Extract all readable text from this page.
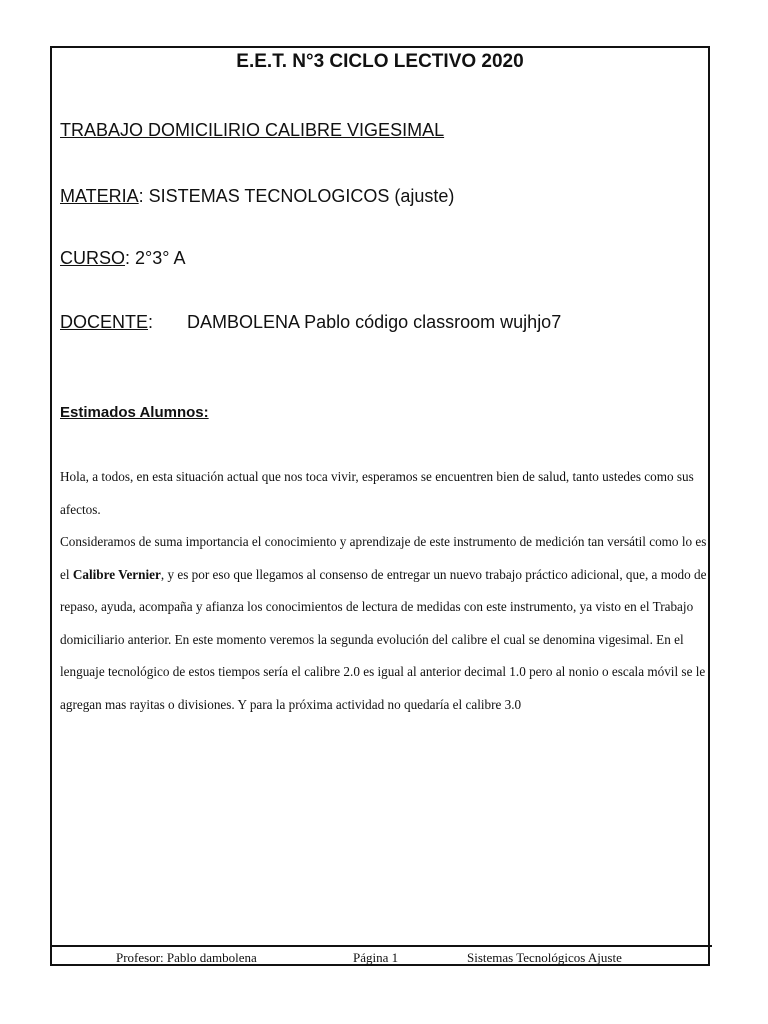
E.E.T. N°3 CICLO LECTIVO 2020
TRABAJO DOMICILIRIO CALIBRE VIGESIMAL
MATERIA: SISTEMAS TECNOLOGICOS (ajuste)
CURSO: 2°3° A
DOCENTE: DAMBOLENA Pablo código classroom wujhjo7
Estimados Alumnos:

Hola, a todos, en esta situación actual que nos toca vivir, esperamos se encuentren bien de salud, tanto ustedes como sus afectos.

Consideramos de suma importancia el conocimiento y aprendizaje de este instrumento de medición tan versátil como lo es el Calibre Vernier, y es por eso que llegamos al consenso de entregar un nuevo trabajo práctico adicional, que, a modo de repaso, ayuda, acompaña y afianza los conocimientos de lectura de medidas con este instrumento, ya visto en el Trabajo domiciliario anterior. En este momento veremos la segunda evolución del calibre el cual se denomina vigesimal. En el lenguaje tecnológico de estos tiempos sería el calibre 2.0 es igual al anterior decimal 1.0 pero al nonio o escala móvil se le agregan mas rayitas o divisiones. Y para la próxima actividad no quedaría el calibre 3.0

Profesor: Pablo dambolena	Página 1	Sistemas Tecnológicos Ajuste
